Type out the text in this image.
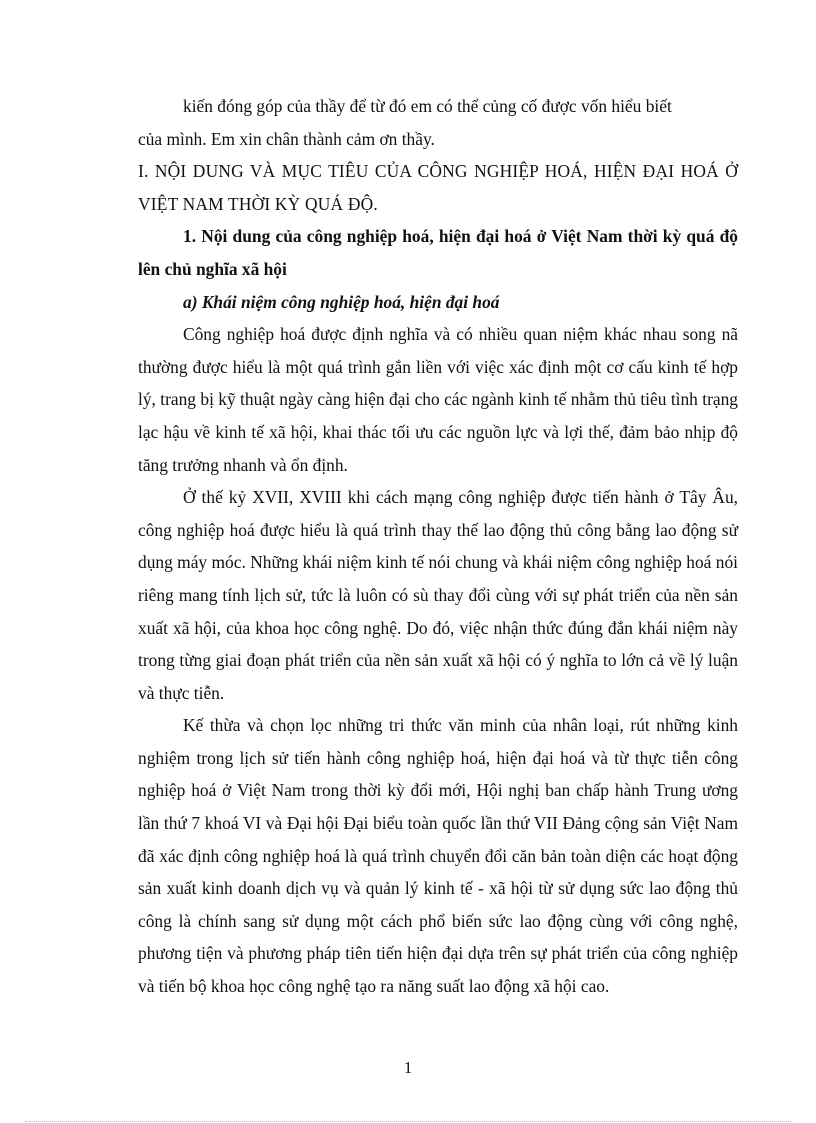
kiến đóng góp của thầy để từ đó em có thể củng cố được vốn hiểu biết

của mình. Em xin chân thành cảm ơn thầy.

I. NỘI DUNG VÀ MỤC TIÊU CỦA CÔNG NGHIỆP HOÁ, HIỆN ĐẠI HOÁ Ở VIỆT NAM THỜI KỲ QUÁ ĐỘ.

1. Nội dung của công nghiệp hoá, hiện đại hoá ở Việt Nam thời kỳ quá độ lên chủ nghĩa xã hội

a) Khái niệm công nghiệp hoá, hiện đại hoá

Công nghiệp hoá được định nghĩa và có nhiều quan niệm khác nhau song nã thường được hiểu là một quá trình gắn liền với việc xác định một cơ cấu kinh tế hợp lý, trang bị kỹ thuật ngày càng hiện đại cho các ngành kinh tế nhằm thủ tiêu tình trạng lạc hậu về kinh tế xã hội, khai thác tối ưu các nguồn lực và lợi thế, đảm bảo nhịp độ tăng trưởng nhanh và ổn định.

Ở thế kỷ XVII, XVIII khi cách mạng công nghiệp được tiến hành ở Tây Âu, công nghiệp hoá được hiểu là quá trình thay thế lao động thủ công bằng lao động sử dụng máy móc. Những khái niệm kinh tế nói chung và khái niệm công nghiệp hoá nói riêng mang tính lịch sử, tức là luôn có sù thay đổi cùng với sự phát triển của nền sản xuất xã hội, của khoa học công nghệ. Do đó, việc nhận thức đúng đắn khái niệm này trong từng giai đoạn phát triển của nền sản xuất xã hội có ý nghĩa to lớn cả về lý luận và thực tiễn.

Kế thừa và chọn lọc những tri thức văn minh của nhân loại, rút những kinh nghiệm trong lịch sử tiến hành công nghiệp hoá, hiện đại hoá và từ thực tiễn công nghiệp hoá ở Việt Nam trong thời kỳ đổi mới, Hội nghị ban chấp hành Trung ương lần thứ 7 khoá VI và Đại hội Đại biểu toàn quốc lần thứ VII Đảng cộng sản Việt Nam đã xác định công nghiệp hoá là quá trình chuyển đổi căn bản toàn diện các hoạt động sản xuất kinh doanh dịch vụ và quản lý kinh tế - xã hội từ sử dụng sức lao động thủ công là chính sang sử dụng một cách phổ biến sức lao động cùng với công nghệ, phương tiện và phương pháp tiên tiến hiện đại dựa trên sự phát triển của công nghiệp và tiến bộ khoa học công nghệ tạo ra năng suất lao động xã hội cao.

1
